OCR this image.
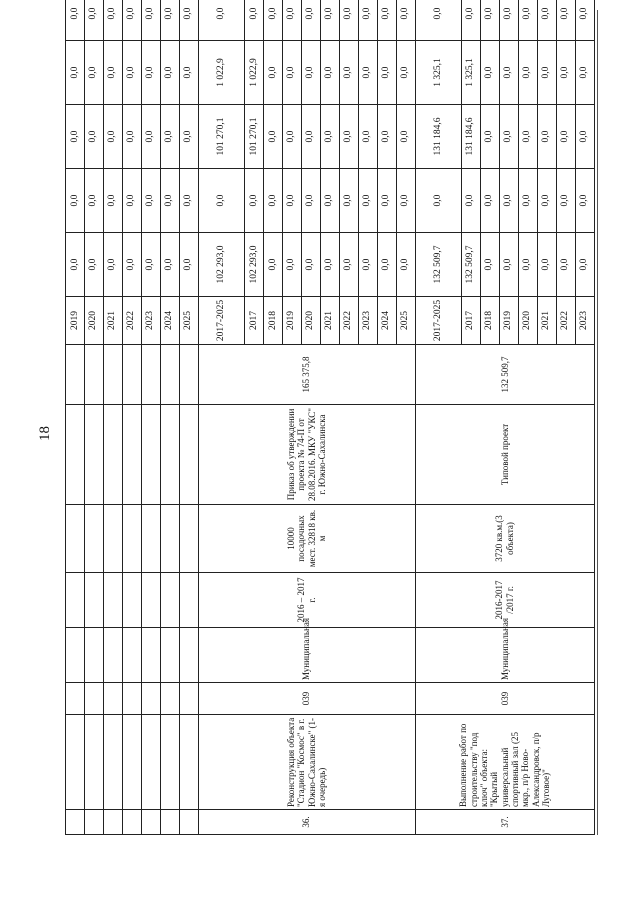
18
								2019	0,0	0,0	0,0	0,0	0,0		
								2020	0,0	0,0	0,0	0,0	0,0		
								2021	0,0	0,0	0,0	0,0	0,0		
								2022	0,0	0,0	0,0	0,0	0,0		
								2023	0,0	0,0	0,0	0,0	0,0		
								2024	0,0	0,0	0,0	0,0	0,0		
								2025	0,0	0,0	0,0	0,0	0,0		
36.	Реконструкция объекта "Стадион "Космос" в г. Южно-Сахалинске" (1-я очередь)	039	Муниципальная	2016 – 2017 г.	10000 посадочных мест. 32818 кв. м	Приказ об утверждении проекта № 74-П от 28.08.2016. МКУ "УКС" г. Южно-Сахалинска	165 375,8	2017-2025	102 293,0	0,0	101 270,1	1 022,9	0,0		
								2017	102 293,0	0,0	101 270,1	1 022,9	0,0		
								2018	0,0	0,0	0,0	0,0	0,0		
								2019	0,0	0,0	0,0	0,0	0,0		
								2020	0,0	0,0	0,0	0,0	0,0		
								2021	0,0	0,0	0,0	0,0	0,0		
								2022	0,0	0,0	0,0	0,0	0,0		
								2023	0,0	0,0	0,0	0,0	0,0		
								2024	0,0	0,0	0,0	0,0	0,0		
								2025	0,0	0,0	0,0	0,0	0,0		
37.	Выполнение работ по строительству "под ключ" объекта: "Крытый универсальный спортивный зал (25 мкр., п/р Ново-Александровск, п/р Луговое)"	039	Муниципальная	2016-2017 /2017 г.	3720 кв.м.(3 объекта)	Типовой проект	132 509,7	2017-2025	132 509,7	0,0	131 184,6	1 325,1	0,0		
								2017	132 509,7	0,0	131 184,6	1 325,1	0,0		
								2018	0,0	0,0	0,0	0,0	0,0		
								2019	0,0	0,0	0,0	0,0	0,0		
								2020	0,0	0,0	0,0	0,0	0,0		
								2021	0,0	0,0	0,0	0,0	0,0		
								2022	0,0	0,0	0,0	0,0	0,0		
								2023	0,0	0,0	0,0	0,0	0,0		
